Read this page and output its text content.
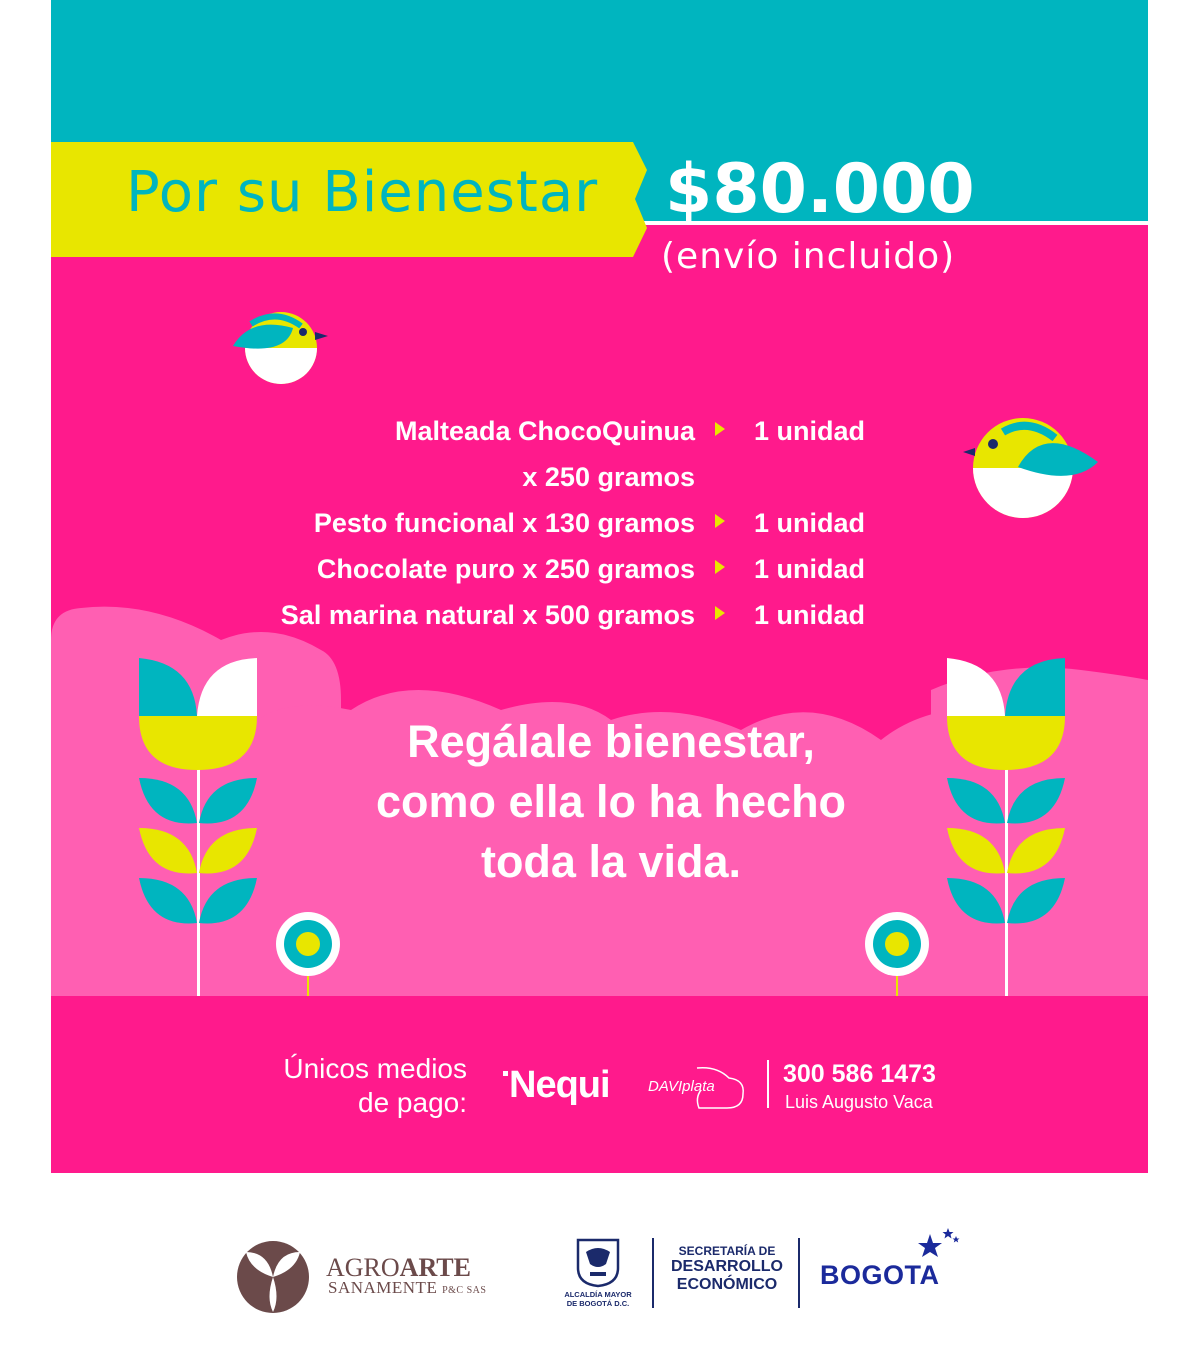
Por su Bienestar $80.000
(envío incluido)
Malteada ChocoQuinua 1 unidad
x 250 gramos
Pesto funcional x 130 gramos 1 unidad
Chocolate puro x 250 gramos 1 unidad
Sal marina natural x 500 gramos 1 unidad
Regálale bienestar,
como ella lo ha hecho
toda la vida.
Únicos medios
de pago: Nequi	DAVIplata	300 586 1473
Luis Augusto Vaca
AGROARTE
SANAMENTE P&C SAS	ALCALDÍA MAYOR
DE BOGOTÁ D.C.
SECRETARÍA DE
DESARROLLO
ECONÓMICO	BOGOTA
